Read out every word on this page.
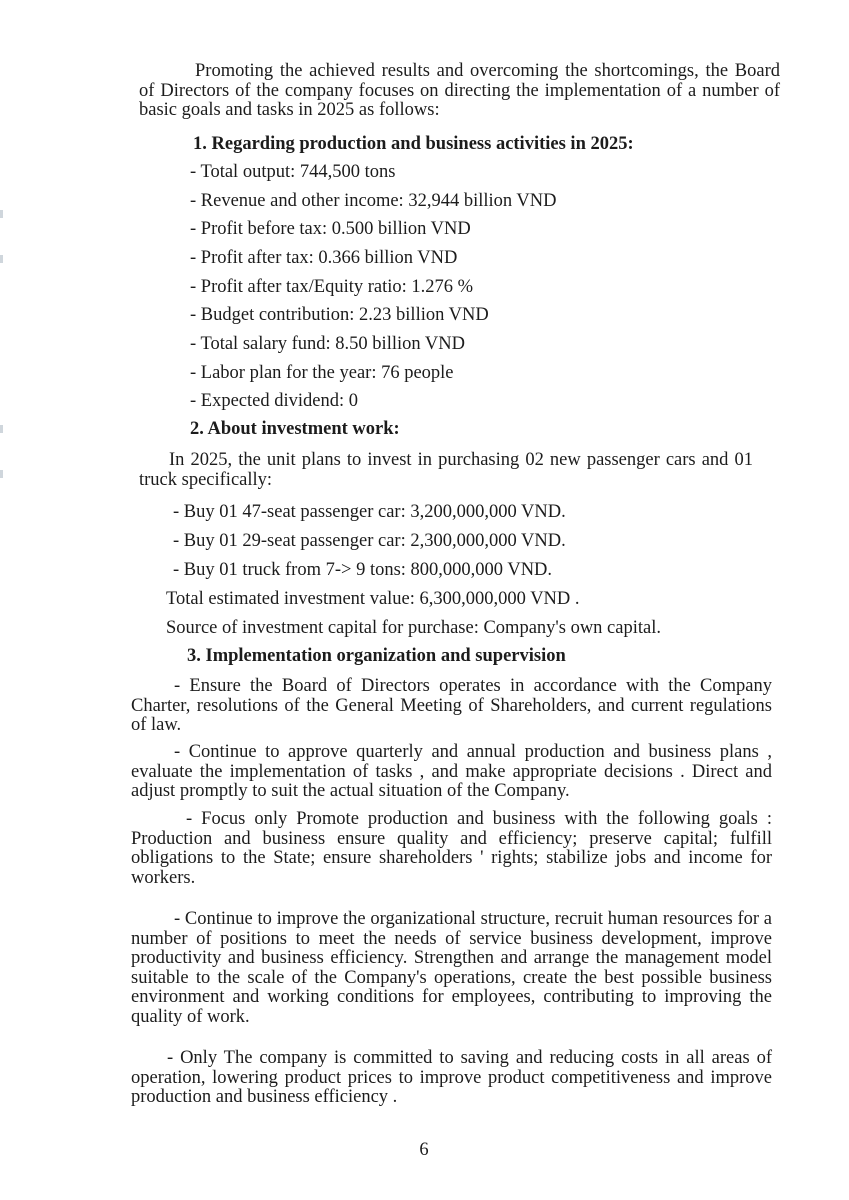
Promoting the achieved results and overcoming the shortcomings, the Board of Directors of the company focuses on directing the implementation of a number of basic goals and tasks in 2025 as follows:

1. Regarding production and business activities in 2025:
- Total output: 744,500 tons
- Revenue and other income: 32,944 billion VND
- Profit before tax: 0.500 billion VND
- Profit after tax: 0.366 billion VND
- Profit after tax/Equity ratio: 1.276 %
- Budget contribution: 2.23 billion VND
- Total salary fund: 8.50 billion VND
- Labor plan for the year: 76 people
- Expected dividend: 0
2. About investment work:

In 2025, the unit plans to invest in purchasing 02 new passenger cars and 01 truck specifically:

- Buy 01 47-seat passenger car: 3,200,000,000 VND.
- Buy 01 29-seat passenger car: 2,300,000,000 VND.
- Buy 01 truck from 7-> 9 tons: 800,000,000 VND.
Total estimated investment value: 6,300,000,000 VND .
Source of investment capital for purchase: Company's own capital.
3. Implementation organization and supervision

- Ensure the Board of Directors operates in accordance with the Company Charter, resolutions of the General Meeting of Shareholders, and current regulations of law.

- Continue to approve quarterly and annual production and business plans , evaluate the implementation of tasks , and make appropriate decisions . Direct and adjust promptly to suit the actual situation of the Company.

- Focus only Promote production and business with the following goals : Production and business ensure quality and efficiency; preserve capital; fulfill obligations to the State; ensure shareholders ' rights; stabilize jobs and income for workers.

- Continue to improve the organizational structure, recruit human resources for a number of positions to meet the needs of service business development, improve productivity and business efficiency. Strengthen and arrange the management model suitable to the scale of the Company's operations, create the best possible business environment and working conditions for employees, contributing to improving the quality of work.

- Only The company is committed to saving and reducing costs in all areas of operation, lowering product prices to improve product competitiveness and improve production and business efficiency .

6
